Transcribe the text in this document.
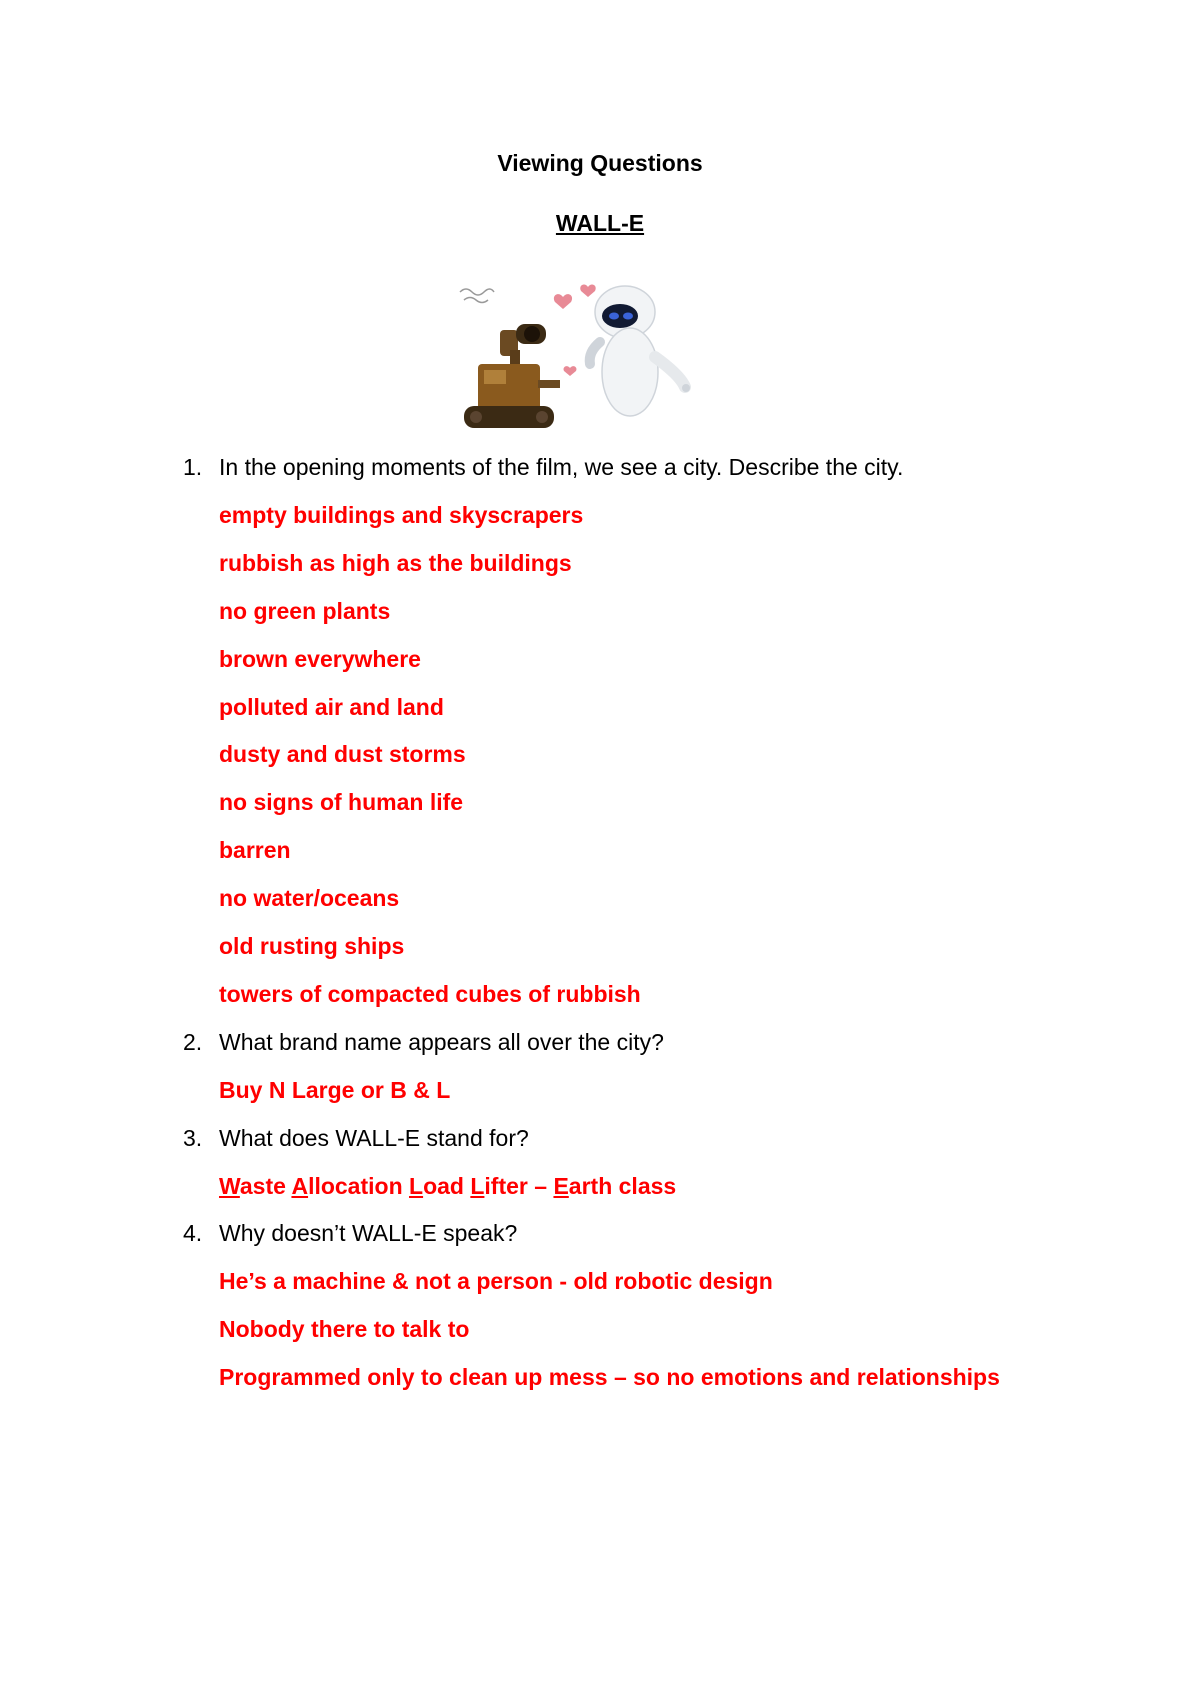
Viewing Questions
WALL-E
1. In the opening moments of the film, we see a city. Describe the city.
empty buildings and skyscrapers
rubbish as high as the buildings
no green plants
brown everywhere
polluted air and land
dusty and dust storms
no signs of human life
barren
no water/oceans
old rusting ships
towers of compacted cubes of rubbish
2. What brand name appears all over the city?
Buy N Large or B & L
3. What does WALL-E stand for?
Waste Allocation Load Lifter – Earth class
4. Why doesn’t WALL-E speak?
He’s a machine & not a person - old robotic design
Nobody there to talk to
Programmed only to clean up mess – so no emotions and relationships
